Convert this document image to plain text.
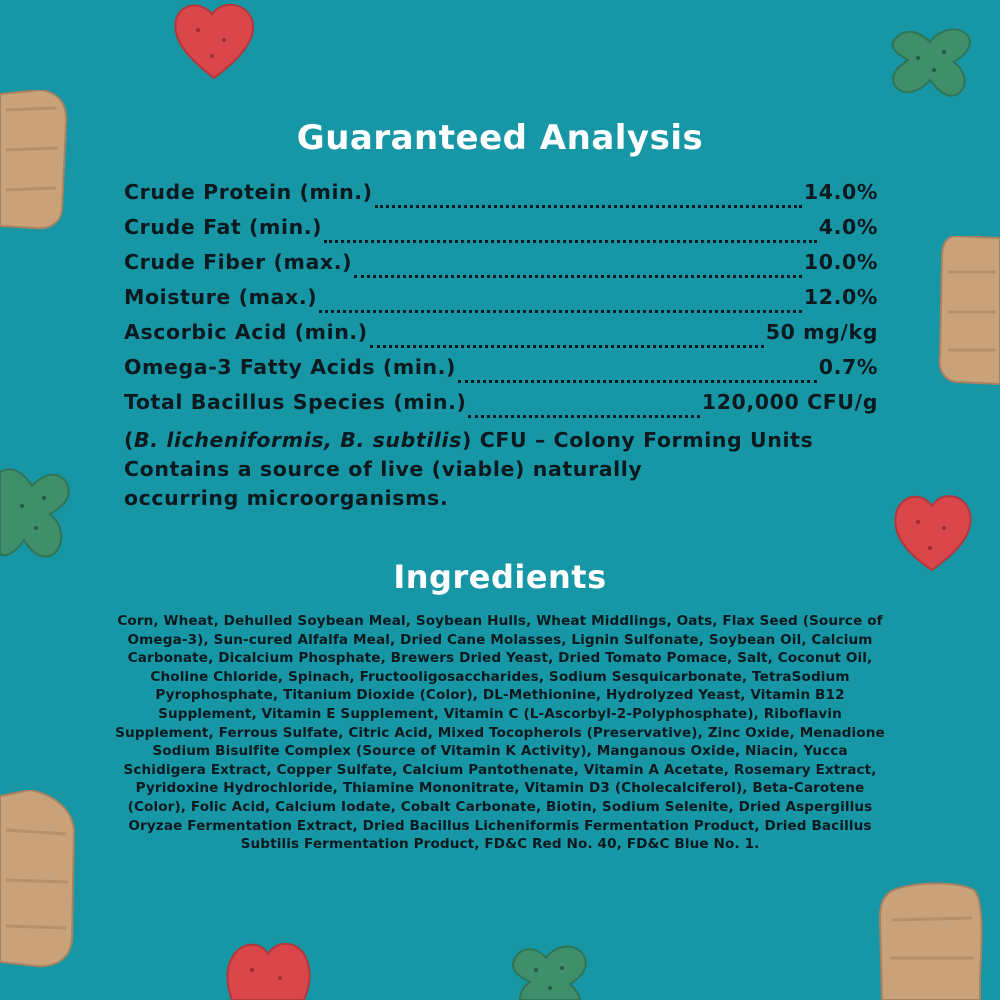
Guaranteed Analysis
Crude Protein (min.)	14.0%
Crude Fat (min.)	4.0%
Crude Fiber (max.)	10.0%
Moisture (max.)	12.0%
Ascorbic Acid (min.)	50 mg/kg
Omega-3 Fatty Acids (min.)	0.7%
Total Bacillus Species (min.)	120,000 CFU/g
(B. licheniformis, B. subtilis) CFU – Colony Forming Units
Contains a source of live (viable) naturally occurring microorganisms.
Ingredients

Corn, Wheat, Dehulled Soybean Meal, Soybean Hulls, Wheat Middlings, Oats, Flax Seed (Source of Omega-3), Sun-cured Alfalfa Meal, Dried Cane Molasses, Lignin Sulfonate, Soybean Oil, Calcium Carbonate, Dicalcium Phosphate, Brewers Dried Yeast, Dried Tomato Pomace, Salt, Coconut Oil, Choline Chloride, Spinach, Fructooligosaccharides, Sodium Sesquicarbonate, TetraSodium Pyrophosphate, Titanium Dioxide (Color), DL-Methionine, Hydrolyzed Yeast, Vitamin B12 Supplement, Vitamin E Supplement, Vitamin C (L-Ascorbyl-2-Polyphosphate), Riboflavin Supplement, Ferrous Sulfate, Citric Acid, Mixed Tocopherols (Preservative), Zinc Oxide, Menadione Sodium Bisulfite Complex (Source of Vitamin K Activity), Manganous Oxide, Niacin, Yucca Schidigera Extract, Copper Sulfate, Calcium Pantothenate, Vitamin A Acetate, Rosemary Extract, Pyridoxine Hydrochloride, Thiamine Mononitrate, Vitamin D3 (Cholecalciferol), Beta-Carotene (Color), Folic Acid, Calcium Iodate, Cobalt Carbonate, Biotin, Sodium Selenite, Dried Aspergillus Oryzae Fermentation Extract, Dried Bacillus Licheniformis Fermentation Product, Dried Bacillus Subtilis Fermentation Product, FD&C Red No. 40, FD&C Blue No. 1.
